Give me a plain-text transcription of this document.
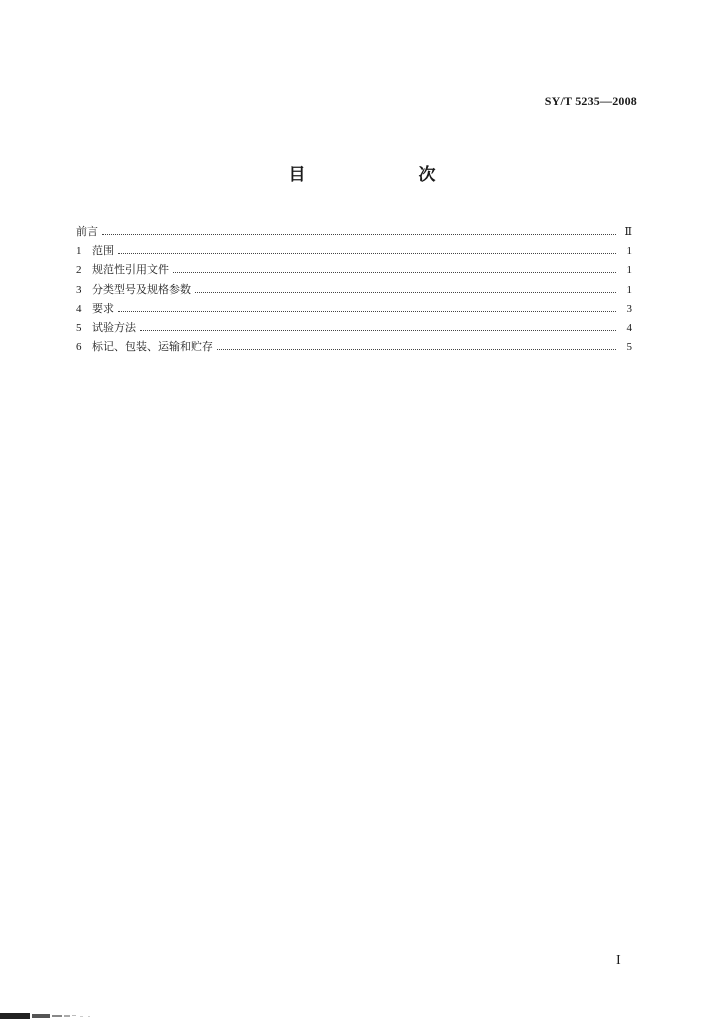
SY/T 5235—2008
目　次
前言	Ⅱ
1 范围	1
2 规范性引用文件	1
3 分类型号及规格参数	1
4 要求	3
5 试验方法	4
6 标记、包装、运输和贮存	5
I
